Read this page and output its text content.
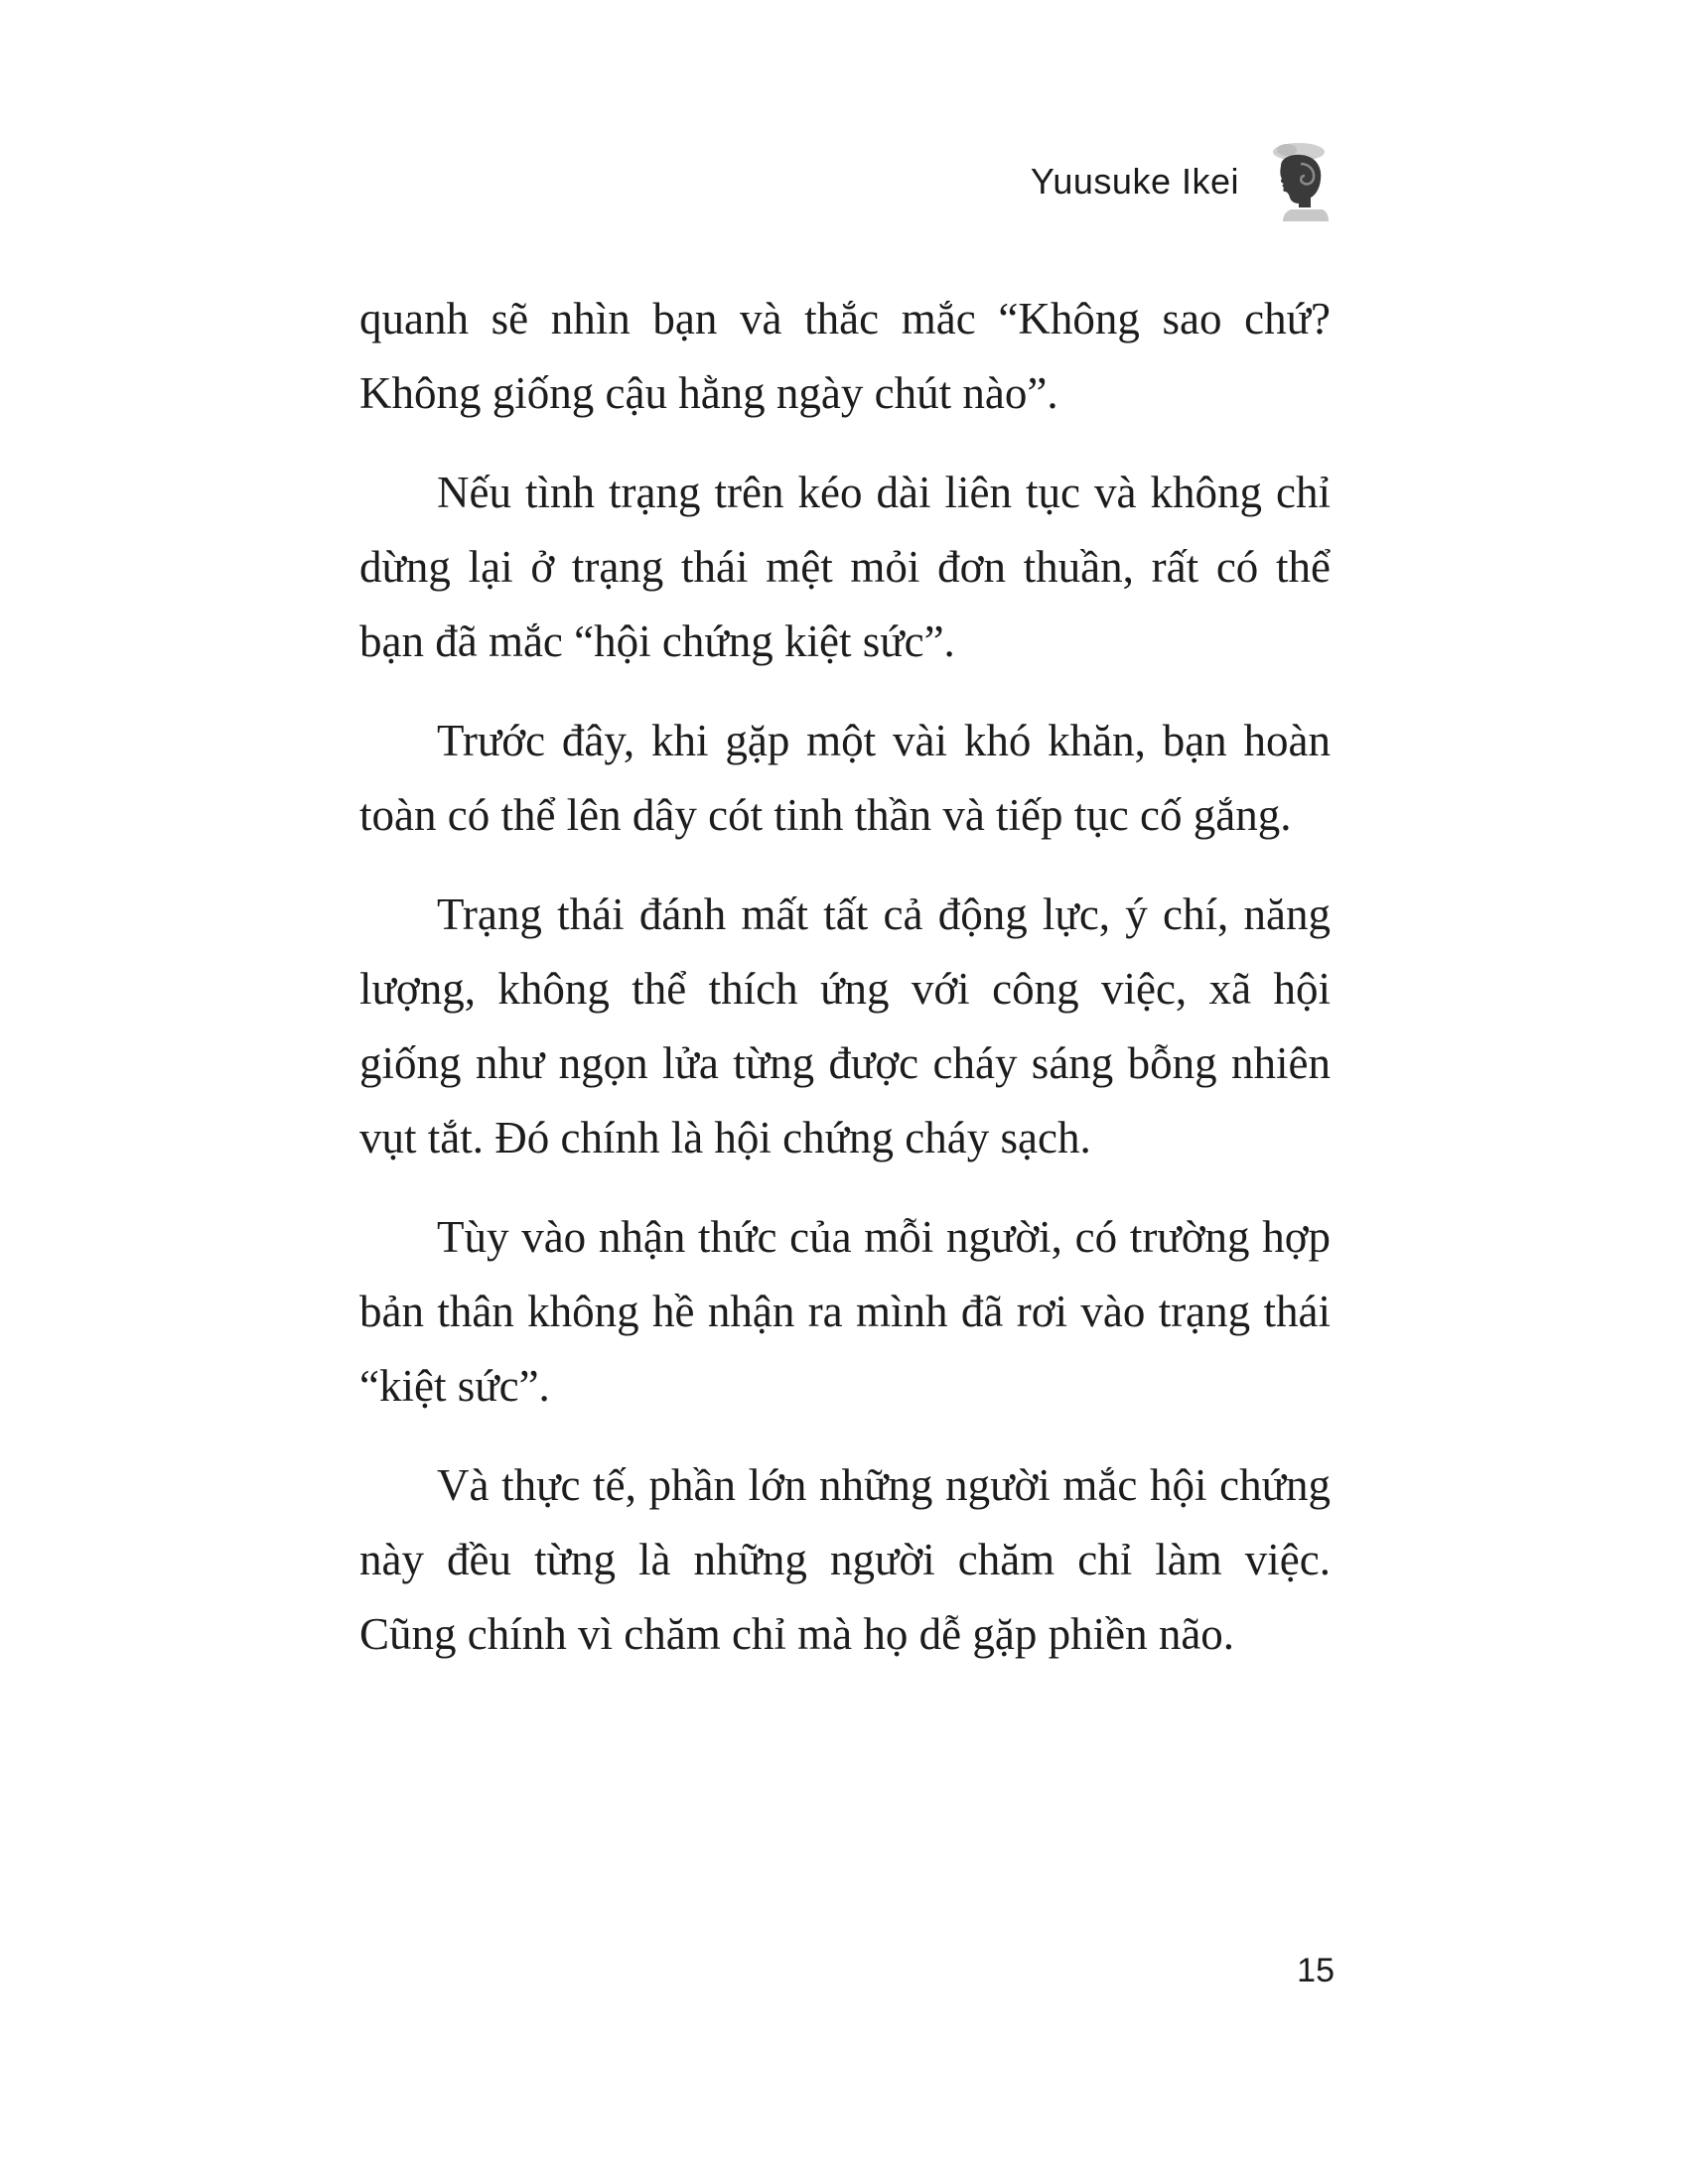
Yuusuke Ikei

quanh sẽ nhìn bạn và thắc mắc “Không sao chứ? Không giống cậu hằng ngày chút nào”.

Nếu tình trạng trên kéo dài liên tục và không chỉ dừng lại ở trạng thái mệt mỏi đơn thuần, rất có thể bạn đã mắc “hội chứng kiệt sức”.

Trước đây, khi gặp một vài khó khăn, bạn hoàn toàn có thể lên dây cót tinh thần và tiếp tục cố gắng.

Trạng thái đánh mất tất cả động lực, ý chí, năng lượng, không thể thích ứng với công việc, xã hội giống như ngọn lửa từng được cháy sáng bỗng nhiên vụt tắt. Đó chính là hội chứng cháy sạch.

Tùy vào nhận thức của mỗi người, có trường hợp bản thân không hề nhận ra mình đã rơi vào trạng thái “kiệt sức”.

Và thực tế, phần lớn những người mắc hội chứng này đều từng là những người chăm chỉ làm việc. Cũng chính vì chăm chỉ mà họ dễ gặp phiền não.

15
